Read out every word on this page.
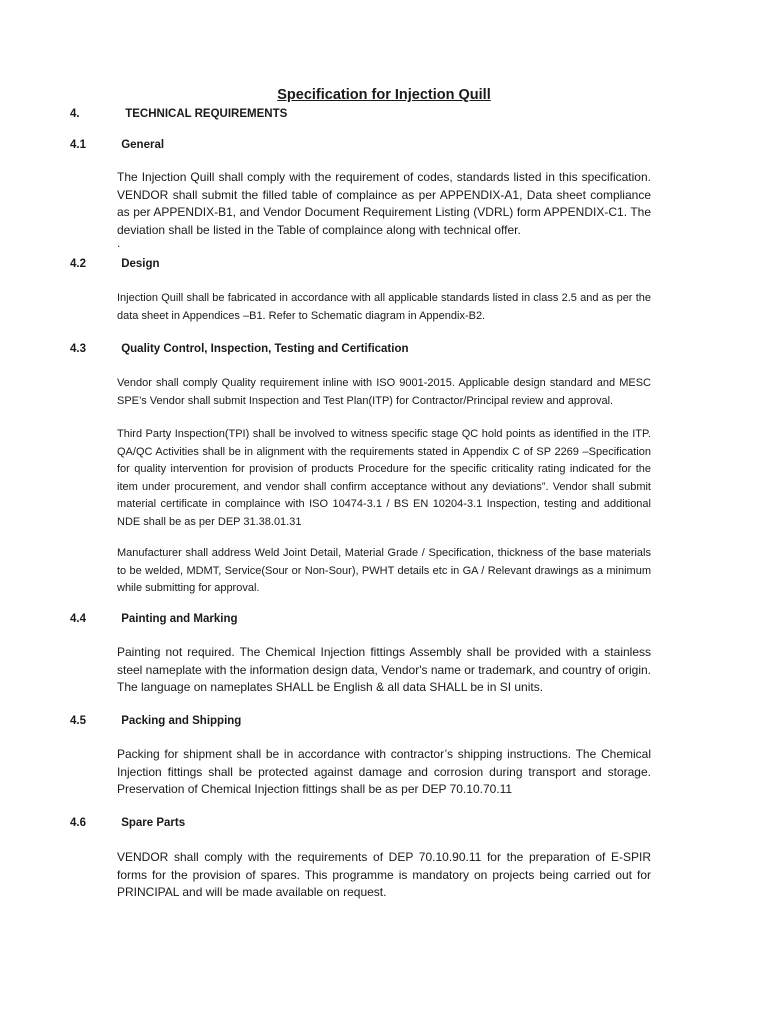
Specification for Injection Quill
4.	TECHNICAL REQUIREMENTS
4.1	General
The Injection Quill shall comply with the requirement of codes, standards listed in this specification. VENDOR shall submit the filled table of complaince as per APPENDIX-A1, Data sheet compliance as per APPENDIX-B1, and Vendor Document Requirement Listing (VDRL) form APPENDIX-C1. The deviation shall be listed in the Table of complaince along with technical offer.
.
4.2	Design
Injection Quill shall be fabricated in accordance with all applicable standards listed in class 2.5 and as per the data sheet in Appendices –B1. Refer to Schematic diagram in Appendix-B2.
4.3	Quality Control, Inspection, Testing and Certification
Vendor shall comply Quality requirement inline with ISO 9001-2015. Applicable design standard and MESC SPE’s Vendor shall submit Inspection and Test Plan(ITP) for Contractor/Principal review and approval.
Third Party Inspection(TPI) shall be involved to witness specific stage QC hold points as identified in the ITP. QA/QC Activities shall be in alignment with the requirements stated in Appendix C of SP 2269 –Specification for quality intervention for provision of products Procedure for the specific criticality rating indicated for the item under procurement, and vendor shall confirm acceptance without any deviations”. Vendor shall submit material certificate in complaince with ISO 10474-3.1 / BS EN 10204-3.1 Inspection, testing and additional NDE shall be as per DEP 31.38.01.31
Manufacturer shall address Weld Joint Detail, Material Grade / Specification, thickness of the base materials to be welded, MDMT, Service(Sour or Non-Sour), PWHT details etc in GA / Relevant drawings as a minimum while submitting for approval.
4.4	Painting and Marking
Painting not required. The Chemical Injection fittings Assembly shall be provided with a stainless steel nameplate with the information design data, Vendor's name or trademark, and country of origin. The language on nameplates SHALL be English & all data SHALL be in SI units.
4.5	Packing and Shipping
Packing for shipment shall be in accordance with contractor’s shipping instructions. The Chemical Injection fittings shall be protected against damage and corrosion during transport and storage. Preservation of Chemical Injection fittings shall be as per DEP 70.10.70.11
4.6	Spare Parts
VENDOR shall comply with the requirements of DEP 70.10.90.11 for the preparation of E-SPIR forms for the provision of spares. This programme is mandatory on projects being carried out for PRINCIPAL and will be made available on request.
